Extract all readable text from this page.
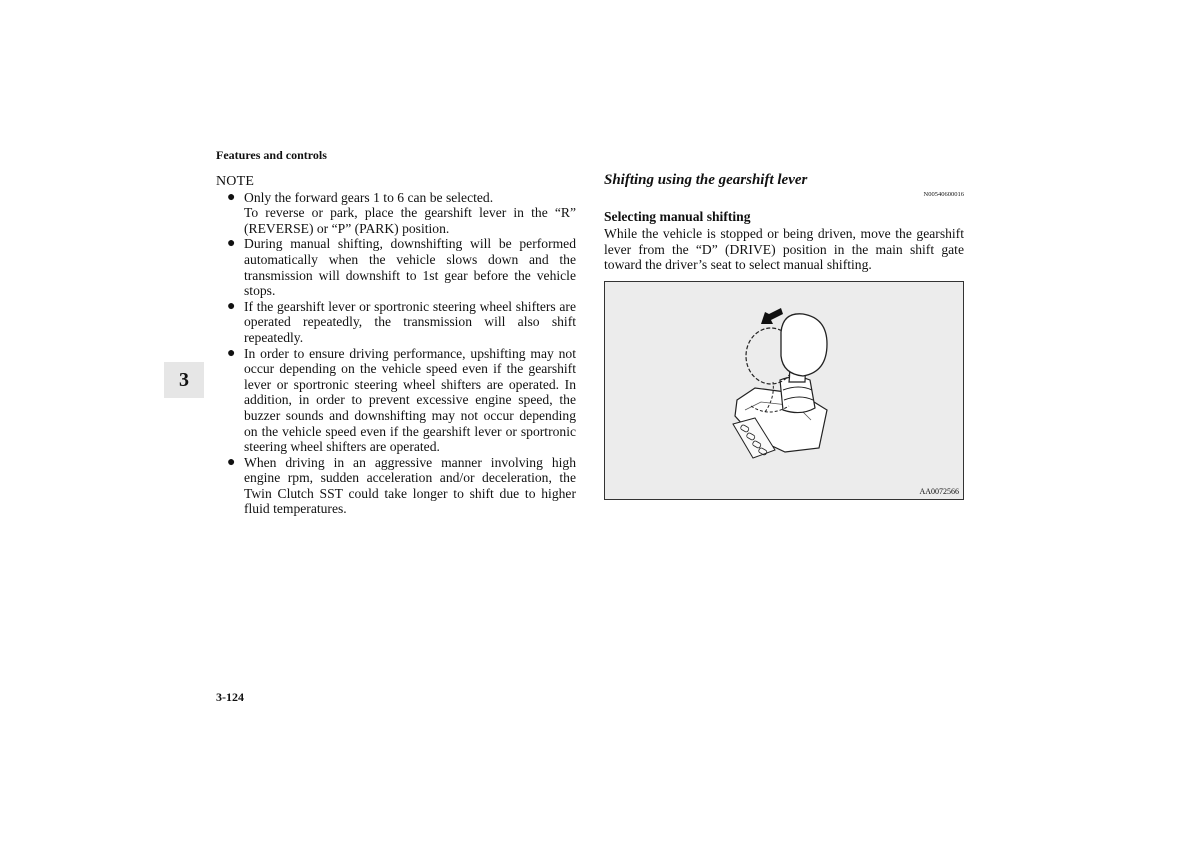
Features and controls
3
NOTE
● Only the forward gears 1 to 6 can be selected.

To reverse or park, place the gearshift lever in the “R” (REVERSE) or “P” (PARK) position.

● During manual shifting, downshifting will be performed automatically when the vehicle slows down and the transmission will downshift to 1st gear before the vehicle stops.

● If the gearshift lever or sportronic steering wheel shifters are operated repeatedly, the transmission will also shift repeatedly.

● In order to ensure driving performance, upshifting may not occur depending on the vehicle speed even if the gearshift lever or sportronic steering wheel shifters are operated. In addition, in order to prevent excessive engine speed, the buzzer sounds and downshifting may not occur depending on the vehicle speed even if the gearshift lever or sportronic steering wheel shifters are operated.

● When driving in an aggressive manner involving high engine rpm, sudden acceleration and/or deceleration, the Twin Clutch SST could take longer to shift due to higher fluid temperatures.

Shifting using the gearshift lever
N00540600016
Selecting manual shifting

While the vehicle is stopped or being driven, move the gearshift lever from the “D” (DRIVE) position in the main shift gate toward the driver’s seat to select manual shifting.

AA0072566
3-124
